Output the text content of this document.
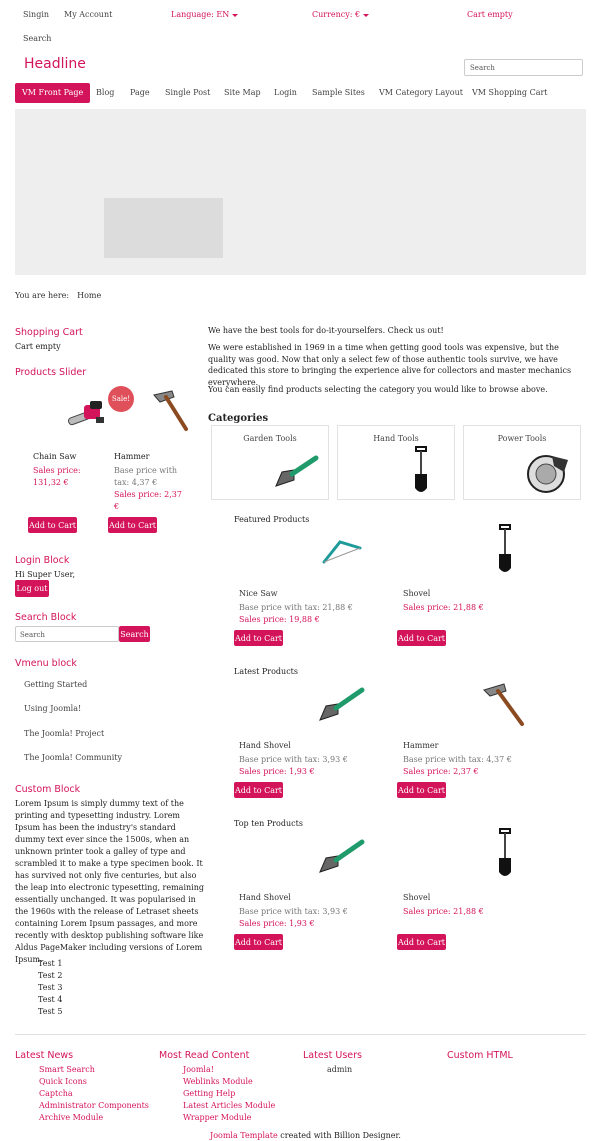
Singin My Account	Language: EN	Currency: €	Cart empty
Search
Headline	Search
VM Front Page	Blog Page Single Post Site Map Login Sample Sites VM Category Layout VM Shopping Cart
You are here: Home
Shopping Cart
Cart empty
Products Slider
Sale!
Chain Saw
Sales price:
131,32 €
Hammer
Base price with
tax: 4,37 €
Sales price: 2,37
€
Add to Cart	Add to Cart
Login Block
Hi Super User,
Log out
Search Block
Search	Search
Vmenu block
Getting Started
Using Joomla!
The Joomla! Project
The Joomla! Community
Custom Block
Lorem Ipsum is simply dummy text of the printing and typesetting industry. Lorem Ipsum has been the industry's standard dummy text ever since the 1500s, when an unknown printer took a galley of type and scrambled it to make a type specimen book. It has survived not only five centuries, but also the leap into electronic typesetting, remaining essentially unchanged. It was popularised in the 1960s with the release of Letraset sheets containing Lorem Ipsum passages, and more recently with desktop publishing software like Aldus PageMaker including versions of Lorem Ipsum.
Test 1
Test 2
Test 3
Test 4
Test 5
We have the best tools for do-it-yourselfers. Check us out!
We were established in 1969 in a time when getting good tools was expensive, but the quality was good. Now that only a select few of those authentic tools survive, we have dedicated this store to bringing the experience alive for collectors and master mechanics everywhere.
You can easily find products selecting the category you would like to browse above.
Categories
Garden Tools	Hand Tools	Power Tools
Featured Products
Nice Saw
Base price with tax: 21,88 €
Sales price: 19,88 €
Shovel
Sales price: 21,88 €
Add to Cart	Add to Cart
Latest Products
Hand Shovel
Base price with tax: 3,93 €
Sales price: 1,93 €
Hammer
Base price with tax: 4,37 €
Sales price: 2,37 €
Add to Cart	Add to Cart
Top ten Products
Hand Shovel
Base price with tax: 3,93 €
Sales price: 1,93 €
Shovel
Sales price: 21,88 €
Add to Cart	Add to Cart
Latest News
Smart Search
Quick Icons
Captcha
Administrator Components
Archive Module
Most Read Content
Joomla!
Weblinks Module
Getting Help
Latest Articles Module
Wrapper Module
Latest Users
admin
Custom HTML
Joomla Template created with Billion Designer.
